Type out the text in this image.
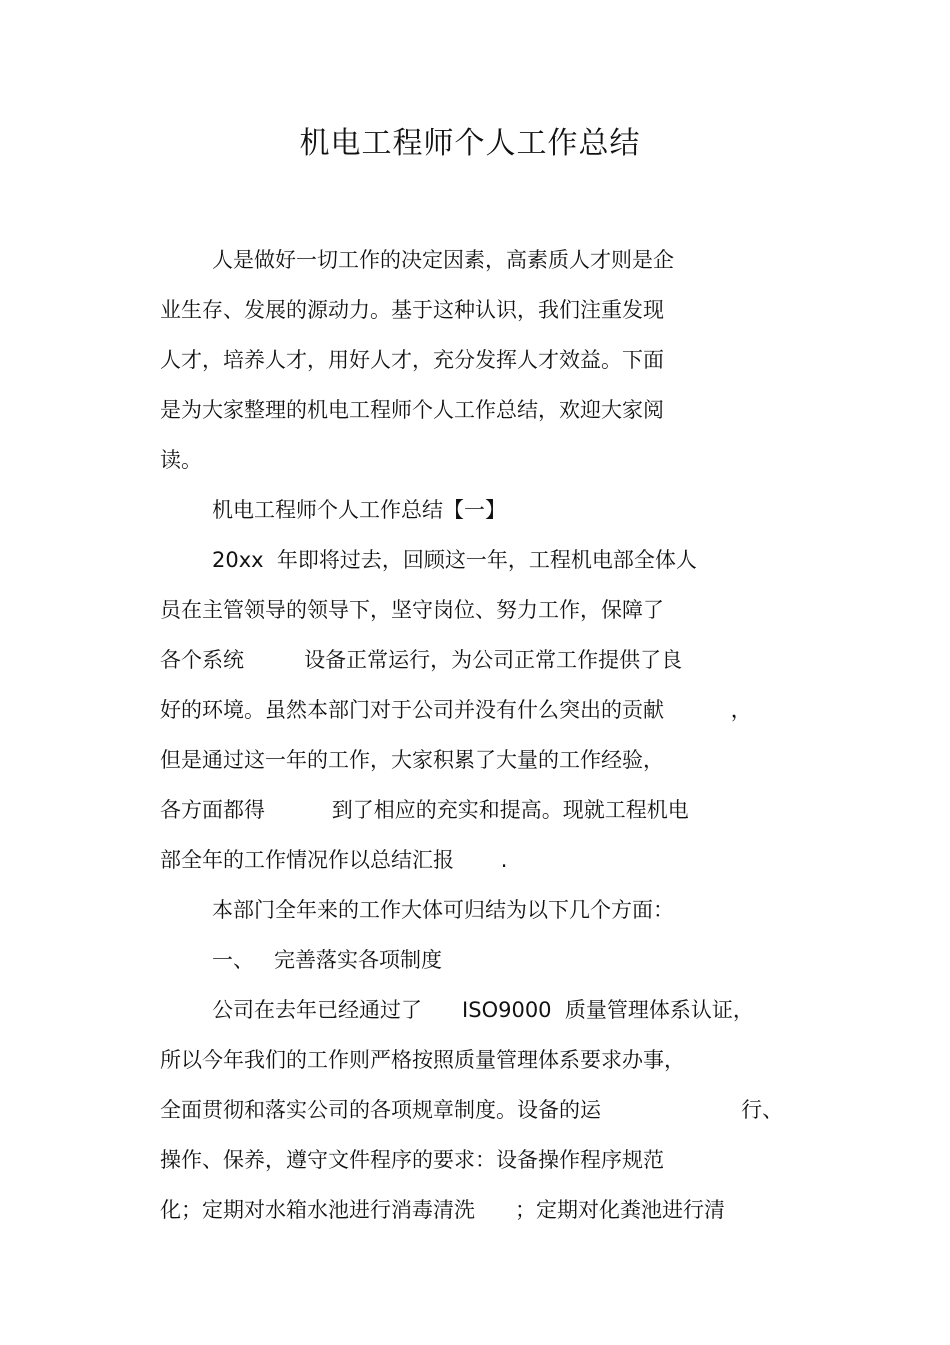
机电工程师个人工作总结
人是做好一切工作的决定因素，高素质人才则是企
业生存、发展的源动力。基于这种认识，我们注重发现
人才，培养人才，用好人才，充分发挥人才效益。下面
是为大家整理的机电工程师个人工作总结，欢迎大家阅
读。
机电工程师个人工作总结【一】
20xx  年即将过去，回顾这一年，工程机电部全体人
员在主管领导的领导下，坚守岗位、努力工作，保障了
各个系统         设备正常运行，为公司正常工作提供了良
好的环境。虽然本部门对于公司并没有什么突出的贡献          ，
但是通过这一年的工作，大家积累了大量的工作经验，
各方面都得          到了相应的充实和提高。现就工程机电
部全年的工作情况作以总结汇报       .
本部门全年来的工作大体可归结为以下几个方面：
一、   完善落实各项制度
公司在去年已经通过了      ISO9000  质量管理体系认证，
所以今年我们的工作则严格按照质量管理体系要求办事，
全面贯彻和落实公司的各项规章制度。设备的运                     行、
操作、保养，遵守文件程序的要求：设备操作程序规范
化；定期对水箱水池进行消毒清洗      ；定期对化粪池进行清
